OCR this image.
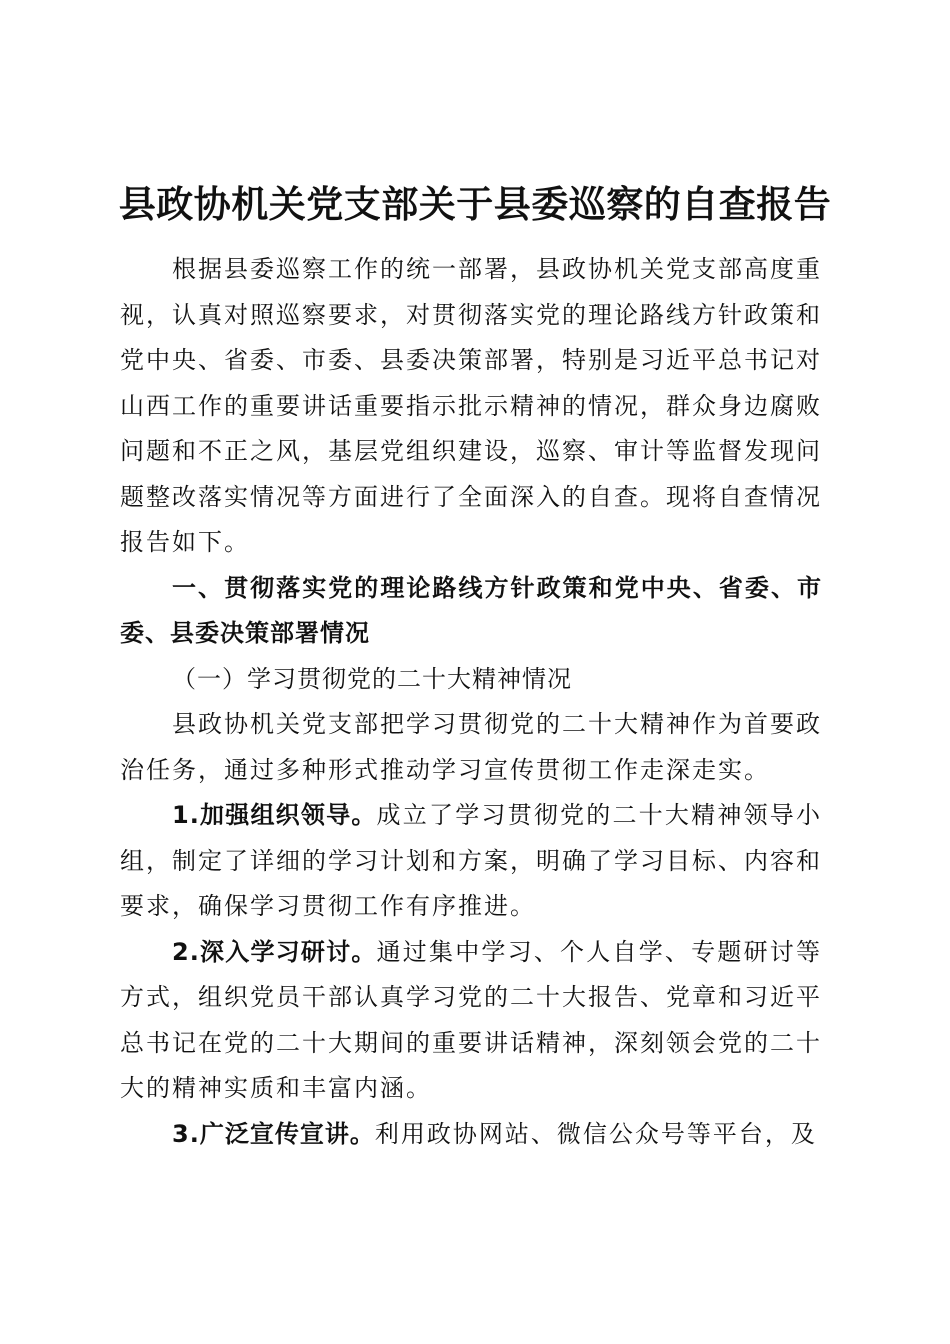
县政协机关党支部关于县委巡察的自查报告

根据县委巡察工作的统一部署，县政协机关党支部高度重视，认真对照巡察要求，对贯彻落实党的理论路线方针政策和党中央、省委、市委、县委决策部署，特别是习近平总书记对山西工作的重要讲话重要指示批示精神的情况，群众身边腐败问题和不正之风，基层党组织建设，巡察、审计等监督发现问题整改落实情况等方面进行了全面深入的自查。现将自查情况报告如下。

一、贯彻落实党的理论路线方针政策和党中央、省委、市委、县委决策部署情况

（一）学习贯彻党的二十大精神情况

县政协机关党支部把学习贯彻党的二十大精神作为首要政治任务，通过多种形式推动学习宣传贯彻工作走深走实。

1.加强组织领导。成立了学习贯彻党的二十大精神领导小组，制定了详细的学习计划和方案，明确了学习目标、内容和要求，确保学习贯彻工作有序推进。

2.深入学习研讨。通过集中学习、个人自学、专题研讨等方式，组织党员干部认真学习党的二十大报告、党章和习近平总书记在党的二十大期间的重要讲话精神，深刻领会党的二十大的精神实质和丰富内涵。

3.广泛宣传宣讲。利用政协网站、微信公众号等平台，及
